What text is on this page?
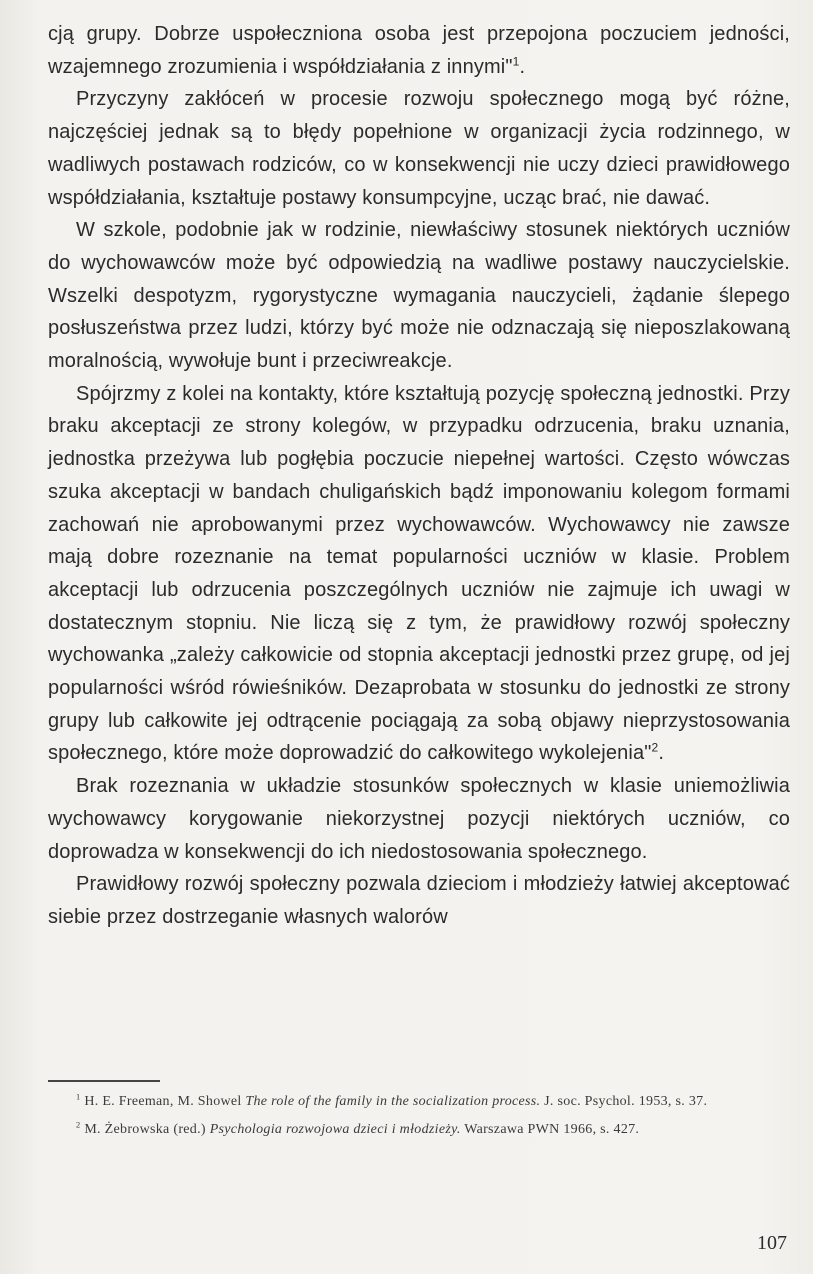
cją grupy. Dobrze uspołeczniona osoba jest przepojona poczuciem jedności, wzajemnego zrozumienia i współdziałania z innymi"$^1$.

Przyczyny zakłóceń w procesie rozwoju społecznego mogą być różne, najczęściej jednak są to błędy popełnione w organizacji życia rodzinnego, w wadliwych postawach rodziców, co w konsekwencji nie uczy dzieci prawidłowego współdziałania, kształtuje postawy konsumpcyjne, ucząc brać, nie dawać.

W szkole, podobnie jak w rodzinie, niewłaściwy stosunek niektórych uczniów do wychowawców może być odpowiedzią na wadliwe postawy nauczycielskie. Wszelki despotyzm, rygorystyczne wymagania nauczycieli, żądanie ślepego posłuszeństwa przez ludzi, którzy być może nie odznaczają się nieposzlakowaną moralnością, wywołuje bunt i przeciwreakcje.

Spójrzmy z kolei na kontakty, które kształtują pozycję społeczną jednostki. Przy braku akceptacji ze strony kolegów, w przypadku odrzucenia, braku uznania, jednostka przeżywa lub pogłębia poczucie niepełnej wartości. Często wówczas szuka akceptacji w bandach chuligańskich bądź imponowaniu kolegom formami zachowań nie aprobowanymi przez wychowawców. Wychowawcy nie zawsze mają dobre rozeznanie na temat popularności uczniów w klasie. Problem akceptacji lub odrzucenia poszczególnych uczniów nie zajmuje ich uwagi w dostatecznym stopniu. Nie liczą się z tym, że prawidłowy rozwój społeczny wychowanka „zależy całkowicie od stopnia akceptacji jednostki przez grupę, od jej popularności wśród rówieśników. Dezaprobata w stosunku do jednostki ze strony grupy lub całkowite jej odtrącenie pociągają za sobą objawy nieprzystosowania społecznego, które może doprowadzić do całkowitego wykolejenia"$^2$.

Brak rozeznania w układzie stosunków społecznych w klasie uniemożliwia wychowawcy korygowanie niekorzystnej pozycji niektórych uczniów, co doprowadza w konsekwencji do ich niedostosowania społecznego.

Prawidłowy rozwój społeczny pozwala dzieciom i młodzieży łatwiej akceptować siebie przez dostrzeganie własnych walorów

$^1$ H. E. Freeman, M. Showel The role of the family in the socialization process. J. soc. Psychol. 1953, s. 37.

$^2$ M. Żebrowska (red.) Psychologia rozwojowa dzieci i młodzieży. Warszawa PWN 1966, s. 427.

107
